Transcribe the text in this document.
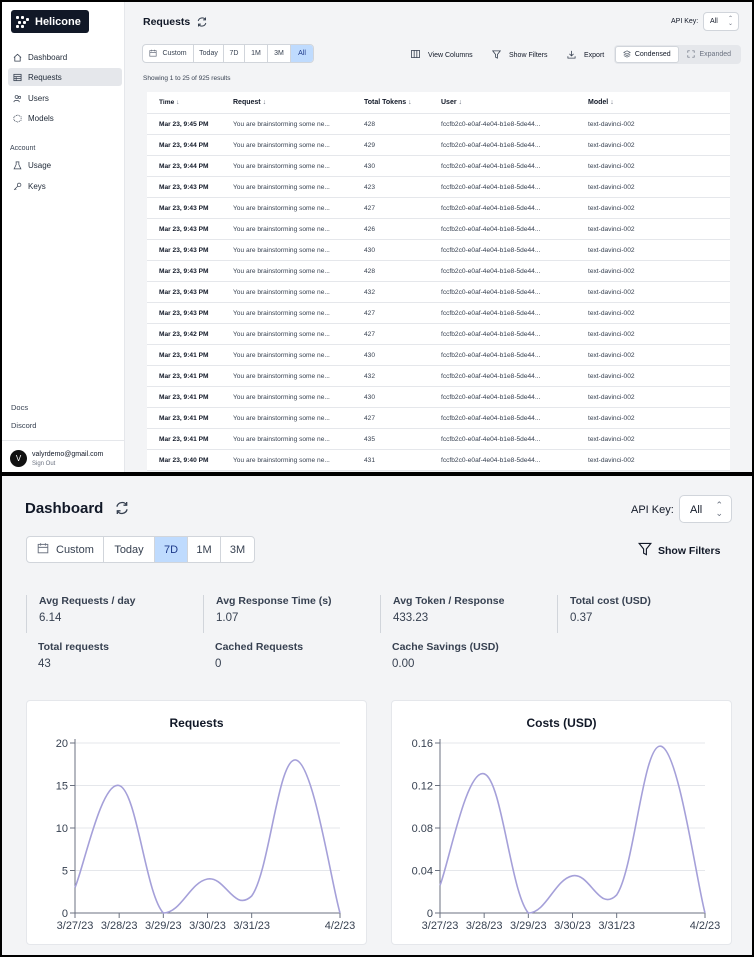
Helicone
Dashboard
Requests
Users
Models
Account
Usage
Keys
Docs
Discord
V	valyrdemo@gmail.com
Sign Out
Requests	API Key:	All ⌃
⌄
Custom	Today	7D	1M	3M	All	View Columns	Show Filters	Export	Condensed	Expanded
Showing 1 to 25 of 925 results
Time ↓	Request ↓	Total Tokens ↓	User ↓	Model ↓
Mar 23, 9:45 PM	You are brainstorming some ne...	428	fccfb2c0-e0af-4e04-b1e8-5de44...	text-davinci-002
Mar 23, 9:44 PM	You are brainstorming some ne...	429	fccfb2c0-e0af-4e04-b1e8-5de44...	text-davinci-002
Mar 23, 9:44 PM	You are brainstorming some ne...	430	fccfb2c0-e0af-4e04-b1e8-5de44...	text-davinci-002
Mar 23, 9:43 PM	You are brainstorming some ne...	423	fccfb2c0-e0af-4e04-b1e8-5de44...	text-davinci-002
Mar 23, 9:43 PM	You are brainstorming some ne...	427	fccfb2c0-e0af-4e04-b1e8-5de44...	text-davinci-002
Mar 23, 9:43 PM	You are brainstorming some ne...	426	fccfb2c0-e0af-4e04-b1e8-5de44...	text-davinci-002
Mar 23, 9:43 PM	You are brainstorming some ne...	430	fccfb2c0-e0af-4e04-b1e8-5de44...	text-davinci-002
Mar 23, 9:43 PM	You are brainstorming some ne...	428	fccfb2c0-e0af-4e04-b1e8-5de44...	text-davinci-002
Mar 23, 9:43 PM	You are brainstorming some ne...	432	fccfb2c0-e0af-4e04-b1e8-5de44...	text-davinci-002
Mar 23, 9:43 PM	You are brainstorming some ne...	427	fccfb2c0-e0af-4e04-b1e8-5de44...	text-davinci-002
Mar 23, 9:42 PM	You are brainstorming some ne...	427	fccfb2c0-e0af-4e04-b1e8-5de44...	text-davinci-002
Mar 23, 9:41 PM	You are brainstorming some ne...	430	fccfb2c0-e0af-4e04-b1e8-5de44...	text-davinci-002
Mar 23, 9:41 PM	You are brainstorming some ne...	432	fccfb2c0-e0af-4e04-b1e8-5de44...	text-davinci-002
Mar 23, 9:41 PM	You are brainstorming some ne...	430	fccfb2c0-e0af-4e04-b1e8-5de44...	text-davinci-002
Mar 23, 9:41 PM	You are brainstorming some ne...	427	fccfb2c0-e0af-4e04-b1e8-5de44...	text-davinci-002
Mar 23, 9:41 PM	You are brainstorming some ne...	435	fccfb2c0-e0af-4e04-b1e8-5de44...	text-davinci-002
Mar 23, 9:40 PM	You are brainstorming some ne...	431	fccfb2c0-e0af-4e04-b1e8-5de44...	text-davinci-002
Dashboard	API Key:	All ⌃
⌄
Custom	Today	7D	1M	3M	Show Filters
Avg Requests / day
6.14
Avg Response Time (s)
1.07
Avg Token / Response
433.23
Total cost (USD)
0.37
Total requests
43
Cached Requests
0
Cache Savings (USD)
0.00
Requests
0
5
10
15
20
3/27/23 3/28/23 3/29/23 3/30/23 3/31/23	4/2/23
Costs (USD)
0
0.04
0.08
0.12
0.16
3/27/23 3/28/23 3/29/23 3/30/23 3/31/23	4/2/23
